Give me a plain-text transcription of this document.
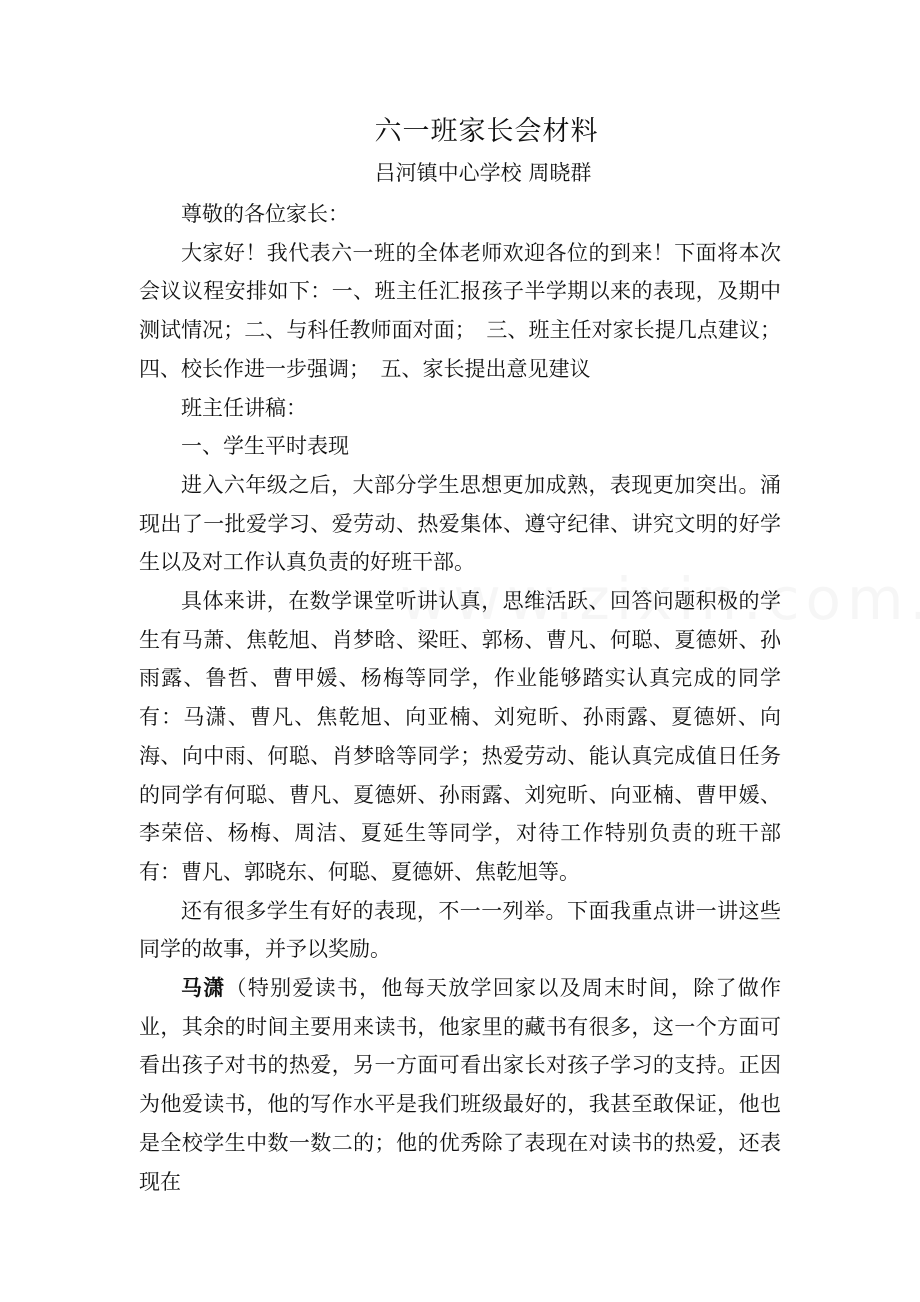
六一班家长会材料
吕河镇中心学校 周晓群

尊敬的各位家长：

大家好！我代表六一班的全体老师欢迎各位的到来！下面将本次会议议程安排如下：一、班主任汇报孩子半学期以来的表现，及期中测试情况；二、与科任教师面对面；　三、班主任对家长提几点建议；四、校长作进一步强调；　五、家长提出意见建议

班主任讲稿：

一、学生平时表现

进入六年级之后，大部分学生思想更加成熟，表现更加突出。涌现出了一批爱学习、爱劳动、热爱集体、遵守纪律、讲究文明的好学生以及对工作认真负责的好班干部。

具体来讲，在数学课堂听讲认真，思维活跃、回答问题积极的学生有马萧、焦乾旭、肖梦晗、梁旺、郭杨、曹凡、何聪、夏德妍、孙雨露、鲁哲、曹甲媛、杨梅等同学，作业能够踏实认真完成的同学有：马潇、曹凡、焦乾旭、向亚楠、刘宛昕、孙雨露、夏德妍、向海、向中雨、何聪、肖梦晗等同学；热爱劳动、能认真完成值日任务的同学有何聪、曹凡、夏德妍、孙雨露、刘宛昕、向亚楠、曹甲媛、李荣倍、杨梅、周洁、夏延生等同学，对待工作特别负责的班干部有：曹凡、郭晓东、何聪、夏德妍、焦乾旭等。

还有很多学生有好的表现，不一一列举。下面我重点讲一讲这些同学的故事，并予以奖励。

马潇（特别爱读书，他每天放学回家以及周末时间，除了做作业，其余的时间主要用来读书，他家里的藏书有很多，这一个方面可看出孩子对书的热爱，另一方面可看出家长对孩子学习的支持。正因为他爱读书，他的写作水平是我们班级最好的，我甚至敢保证，他也是全校学生中数一数二的；他的优秀除了表现在对读书的热爱，还表现在
